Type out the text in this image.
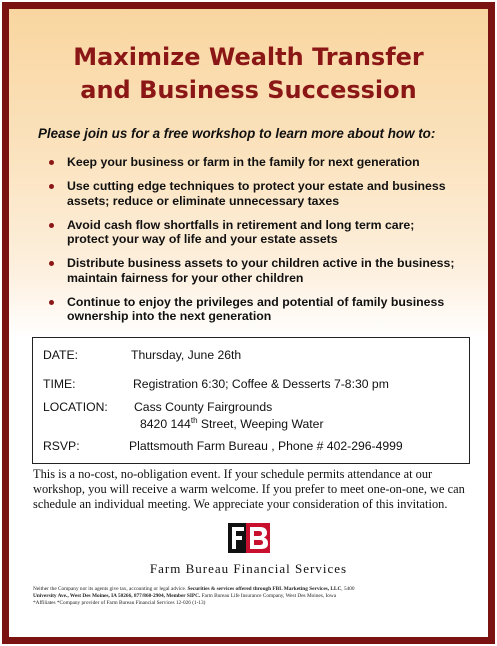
Maximize Wealth Transfer
and Business Succession
Please join us for a free workshop to learn more about how to:
Keep your business or farm in the family for next generation
Use cutting edge techniques to protect your estate and business
assets; reduce or eliminate unnecessary taxes
Avoid cash flow shortfalls in retirement and long term care;
protect your way of life and your estate assets
Distribute business assets to your children active in the business;
maintain fairness for your other children
Continue to enjoy the privileges and potential of family business
ownership into the next generation
DATE:	Thursday, June 26th
TIME:	Registration 6:30; Coffee & Desserts 7-8:30 pm
LOCATION: Cass County Fairgrounds
8420 144th Street, Weeping Water
RSVP:	Plattsmouth Farm Bureau , Phone # 402-296-4999
This is a no-cost, no-obligation event. If your schedule permits attendance at our
workshop, you will receive a warm welcome. If you prefer to meet one-on-one, we can
schedule an individual meeting. We appreciate your consideration of this invitation.
Farm Bureau Financial Services
Neither the Company nor its agents give tax, accounting or legal advice. Securities & services offered through FBL Marketing Services, LLC, 5400
University Ave., West Des Moines, IA 50266, 877/860-2904, Member SIPC. Farm Bureau Life Insurance Company, West Des Moines, Iowa
*Affiliates *Company provider of Farm Bureau Financial Services 12-026 (1-13)
